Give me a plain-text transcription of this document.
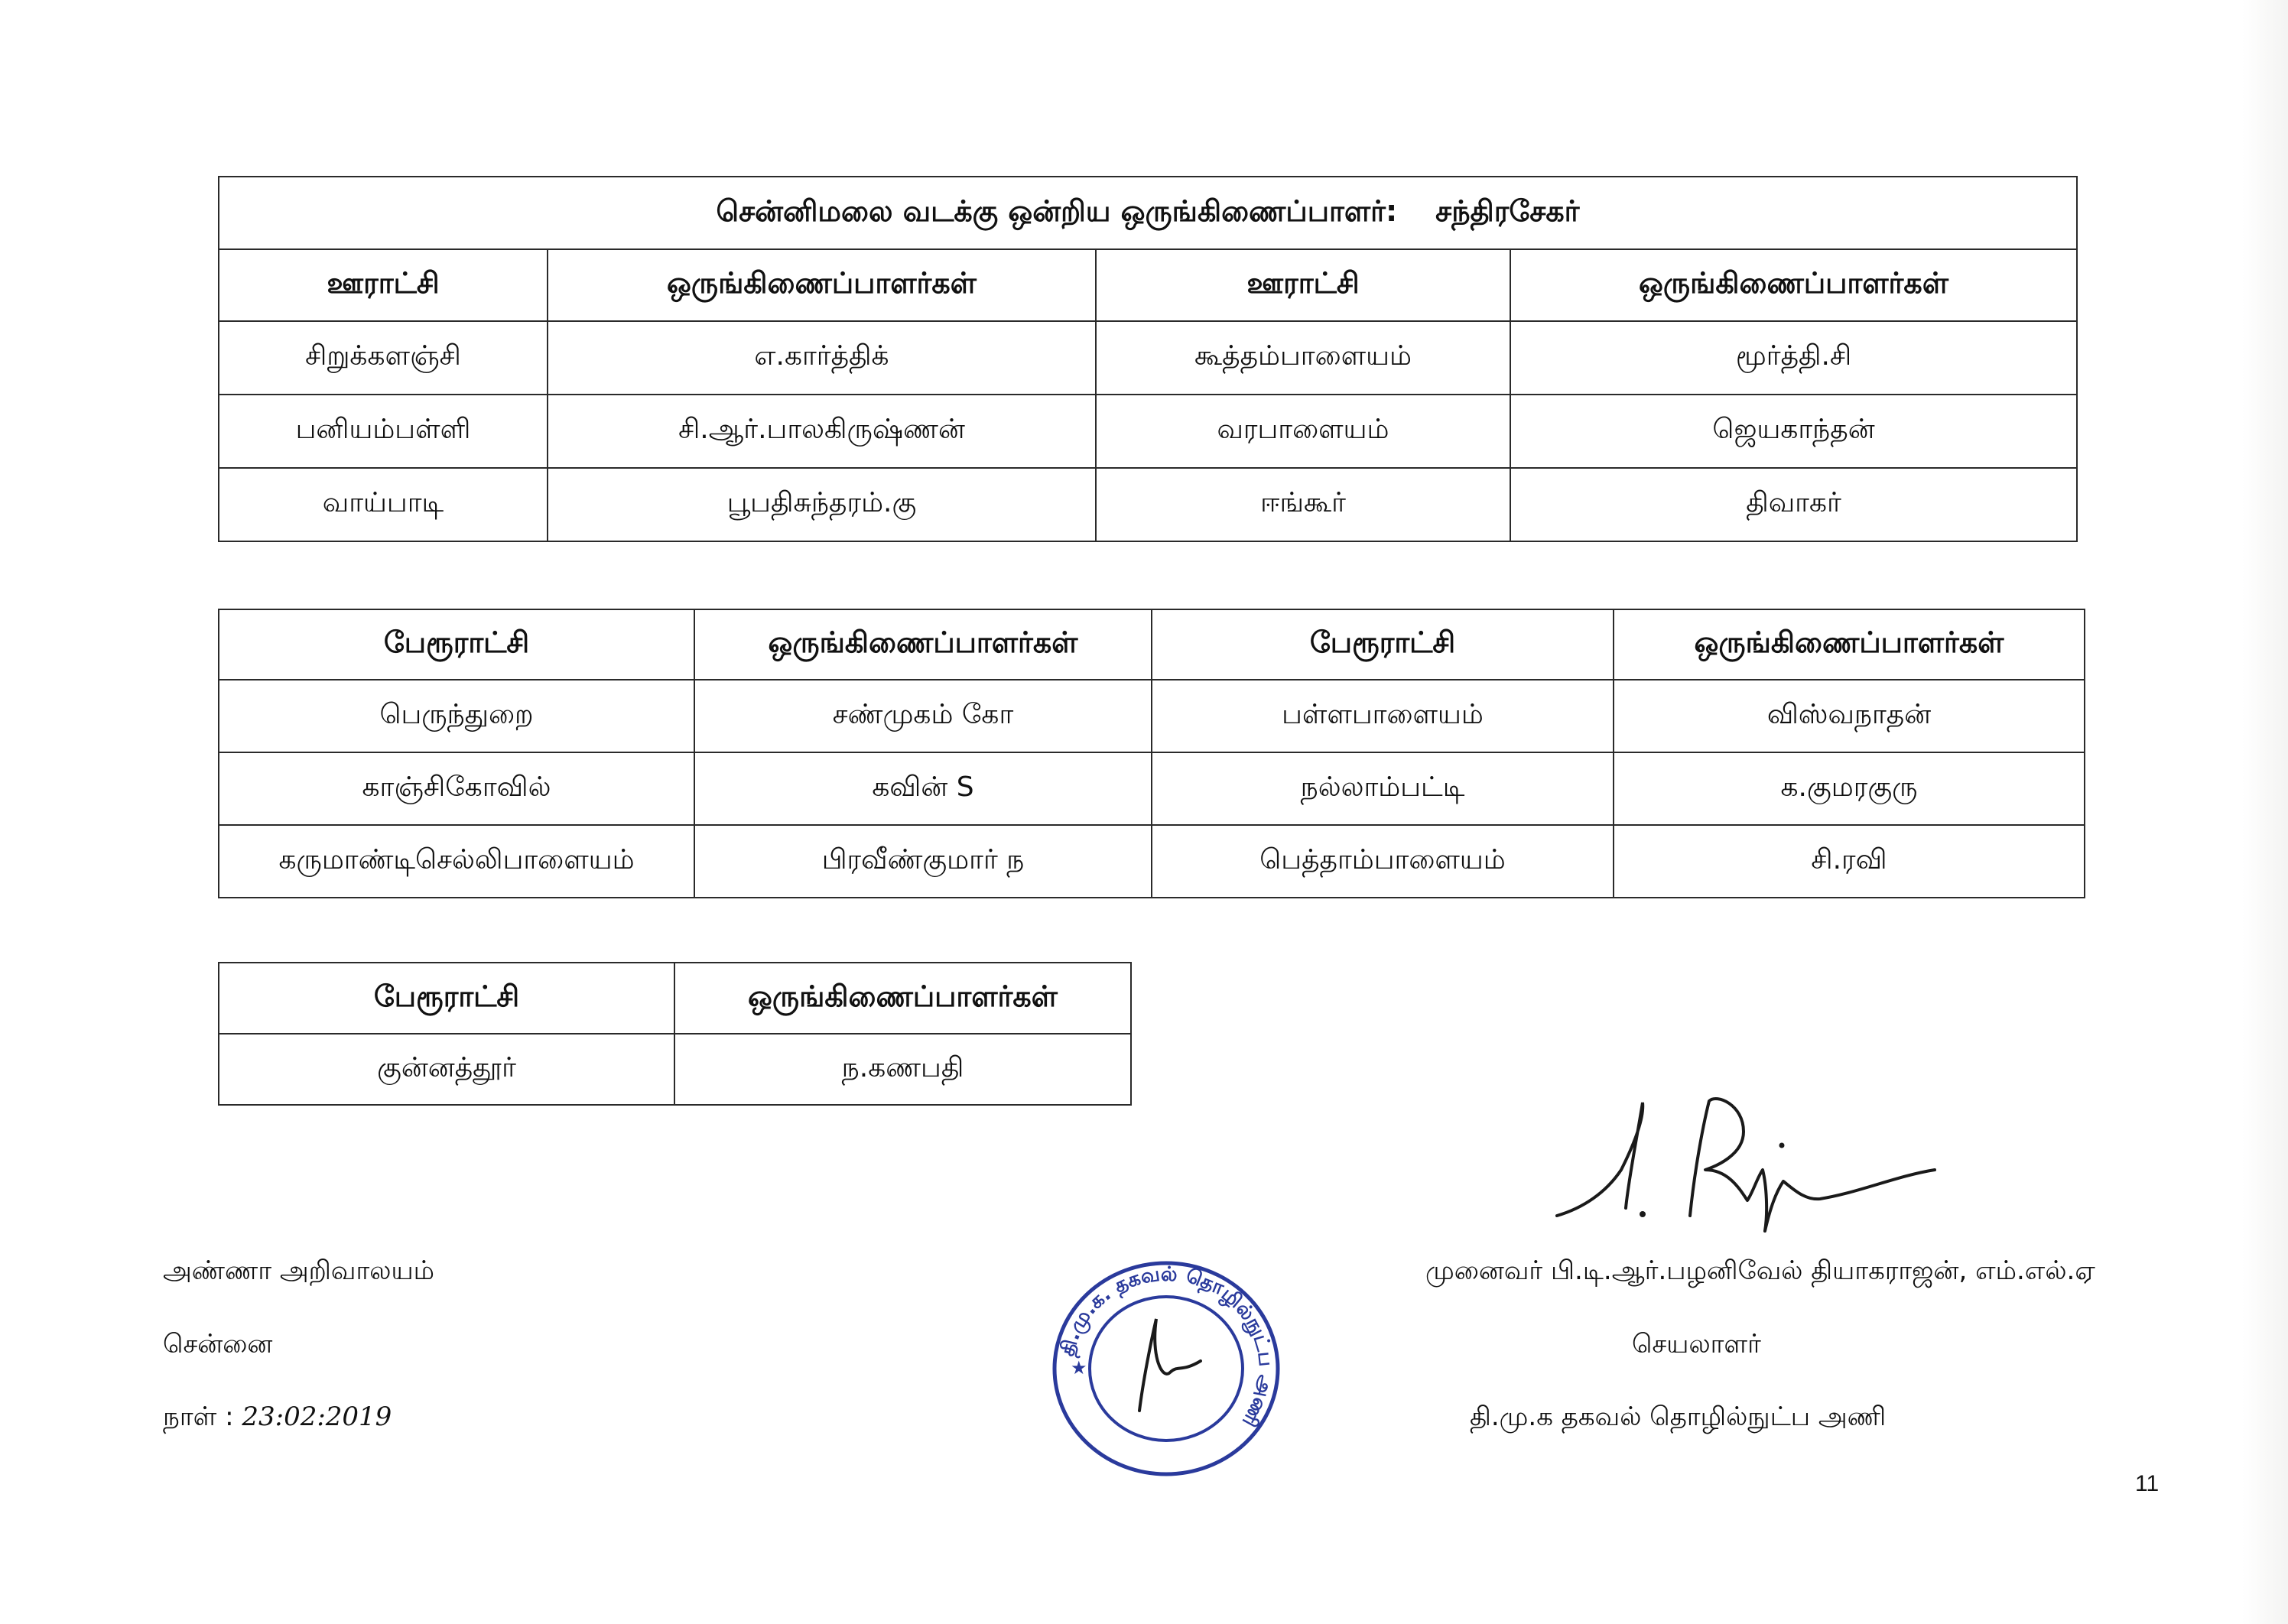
சென்னிமலை வடக்கு ஒன்றிய ஒருங்கிணைப்பாளர்: சந்திரசேகர்			
ஊராட்சி	ஒருங்கிணைப்பாளர்கள்	ஊராட்சி	ஒருங்கிணைப்பாளர்கள்
சிறுக்களஞ்சி	எ.கார்த்திக்	கூத்தம்பாளையம்	மூர்த்தி.சி
பனியம்பள்ளி	சி.ஆர்.பாலகிருஷ்ணன்	வரபாளையம்	ஜெயகாந்தன்
வாய்பாடி	பூபதிசுந்தரம்.கு	ஈங்கூர்	திவாகர்
பேரூராட்சி	ஒருங்கிணைப்பாளர்கள்	பேரூராட்சி	ஒருங்கிணைப்பாளர்கள்
பெருந்துறை	சண்முகம் கோ	பள்ளபாளையம்	விஸ்வநாதன்
காஞ்சிகோவில்	கவின் S	நல்லாம்பட்டி	க.குமரகுரு
கருமாண்டிசெல்லிபாளையம்	பிரவீண்குமார் ந	பெத்தாம்பாளையம்	சி.ரவி
பேரூராட்சி	ஒருங்கிணைப்பாளர்கள்
குன்னத்தூர்	ந.கணபதி
தி.மு.க. தகவல் தொழில்நுட்ப அணி
★
அண்ணா அறிவாலயம்
சென்னை
நாள் : 23:02:2019
முனைவர் பி.டி.ஆர்.பழனிவேல் தியாகராஜன், எம்.எல்.ஏ
செயலாளர்
தி.மு.க தகவல் தொழில்நுட்ப அணி
11
